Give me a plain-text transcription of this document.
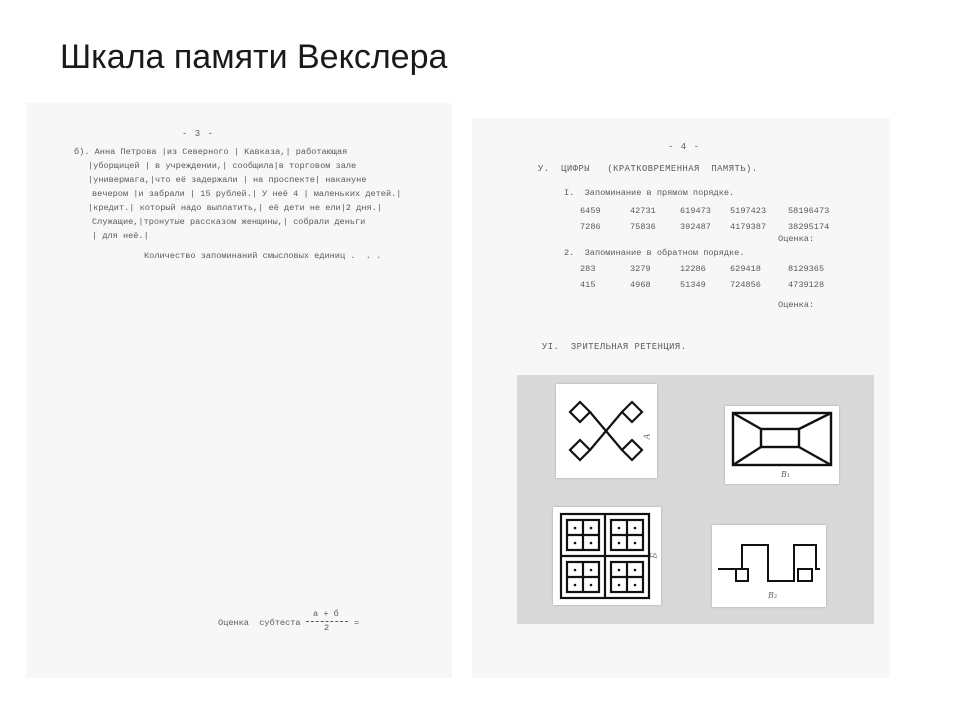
Шкала памяти Векслера
- 3 -
б). Анна Петрова |из Северного | Кавказа,| работающая
|уборщицей | в учреждении,| сообщила|в торговом зале
|универмага,|что её задержали | на проспекте| накануне
вечером |и забрали | 15 рублей.| У неё 4 | маленьких детей.|
|кредит.| который надо выплатить,| её дети не ели|2 дня.|
Служащие,|тронутые рассказом женщины,| собрали деньги
| для неё.|
Количество запоминаний смысловых единиц .  . .
Оценка  субтеста
а + б
2	=
- 4 -
У.  ЦИФРЫ   (КРАТКОВРЕМЕННАЯ  ПАМЯТЬ).
I.  Запоминание в прямом порядке.
6459	42731	619473	5197423	58196473
7286	75836	392487	4179387	38295174
Оценка:
2.  Запоминание в обратном порядке.
283	3279	12286	629418	8129365
415	4968	51349	724856	4739128
Оценка:
УI.  ЗРИТЕЛЬНАЯ РЕТЕНЦИЯ.
А
В₁
Б
В₂
